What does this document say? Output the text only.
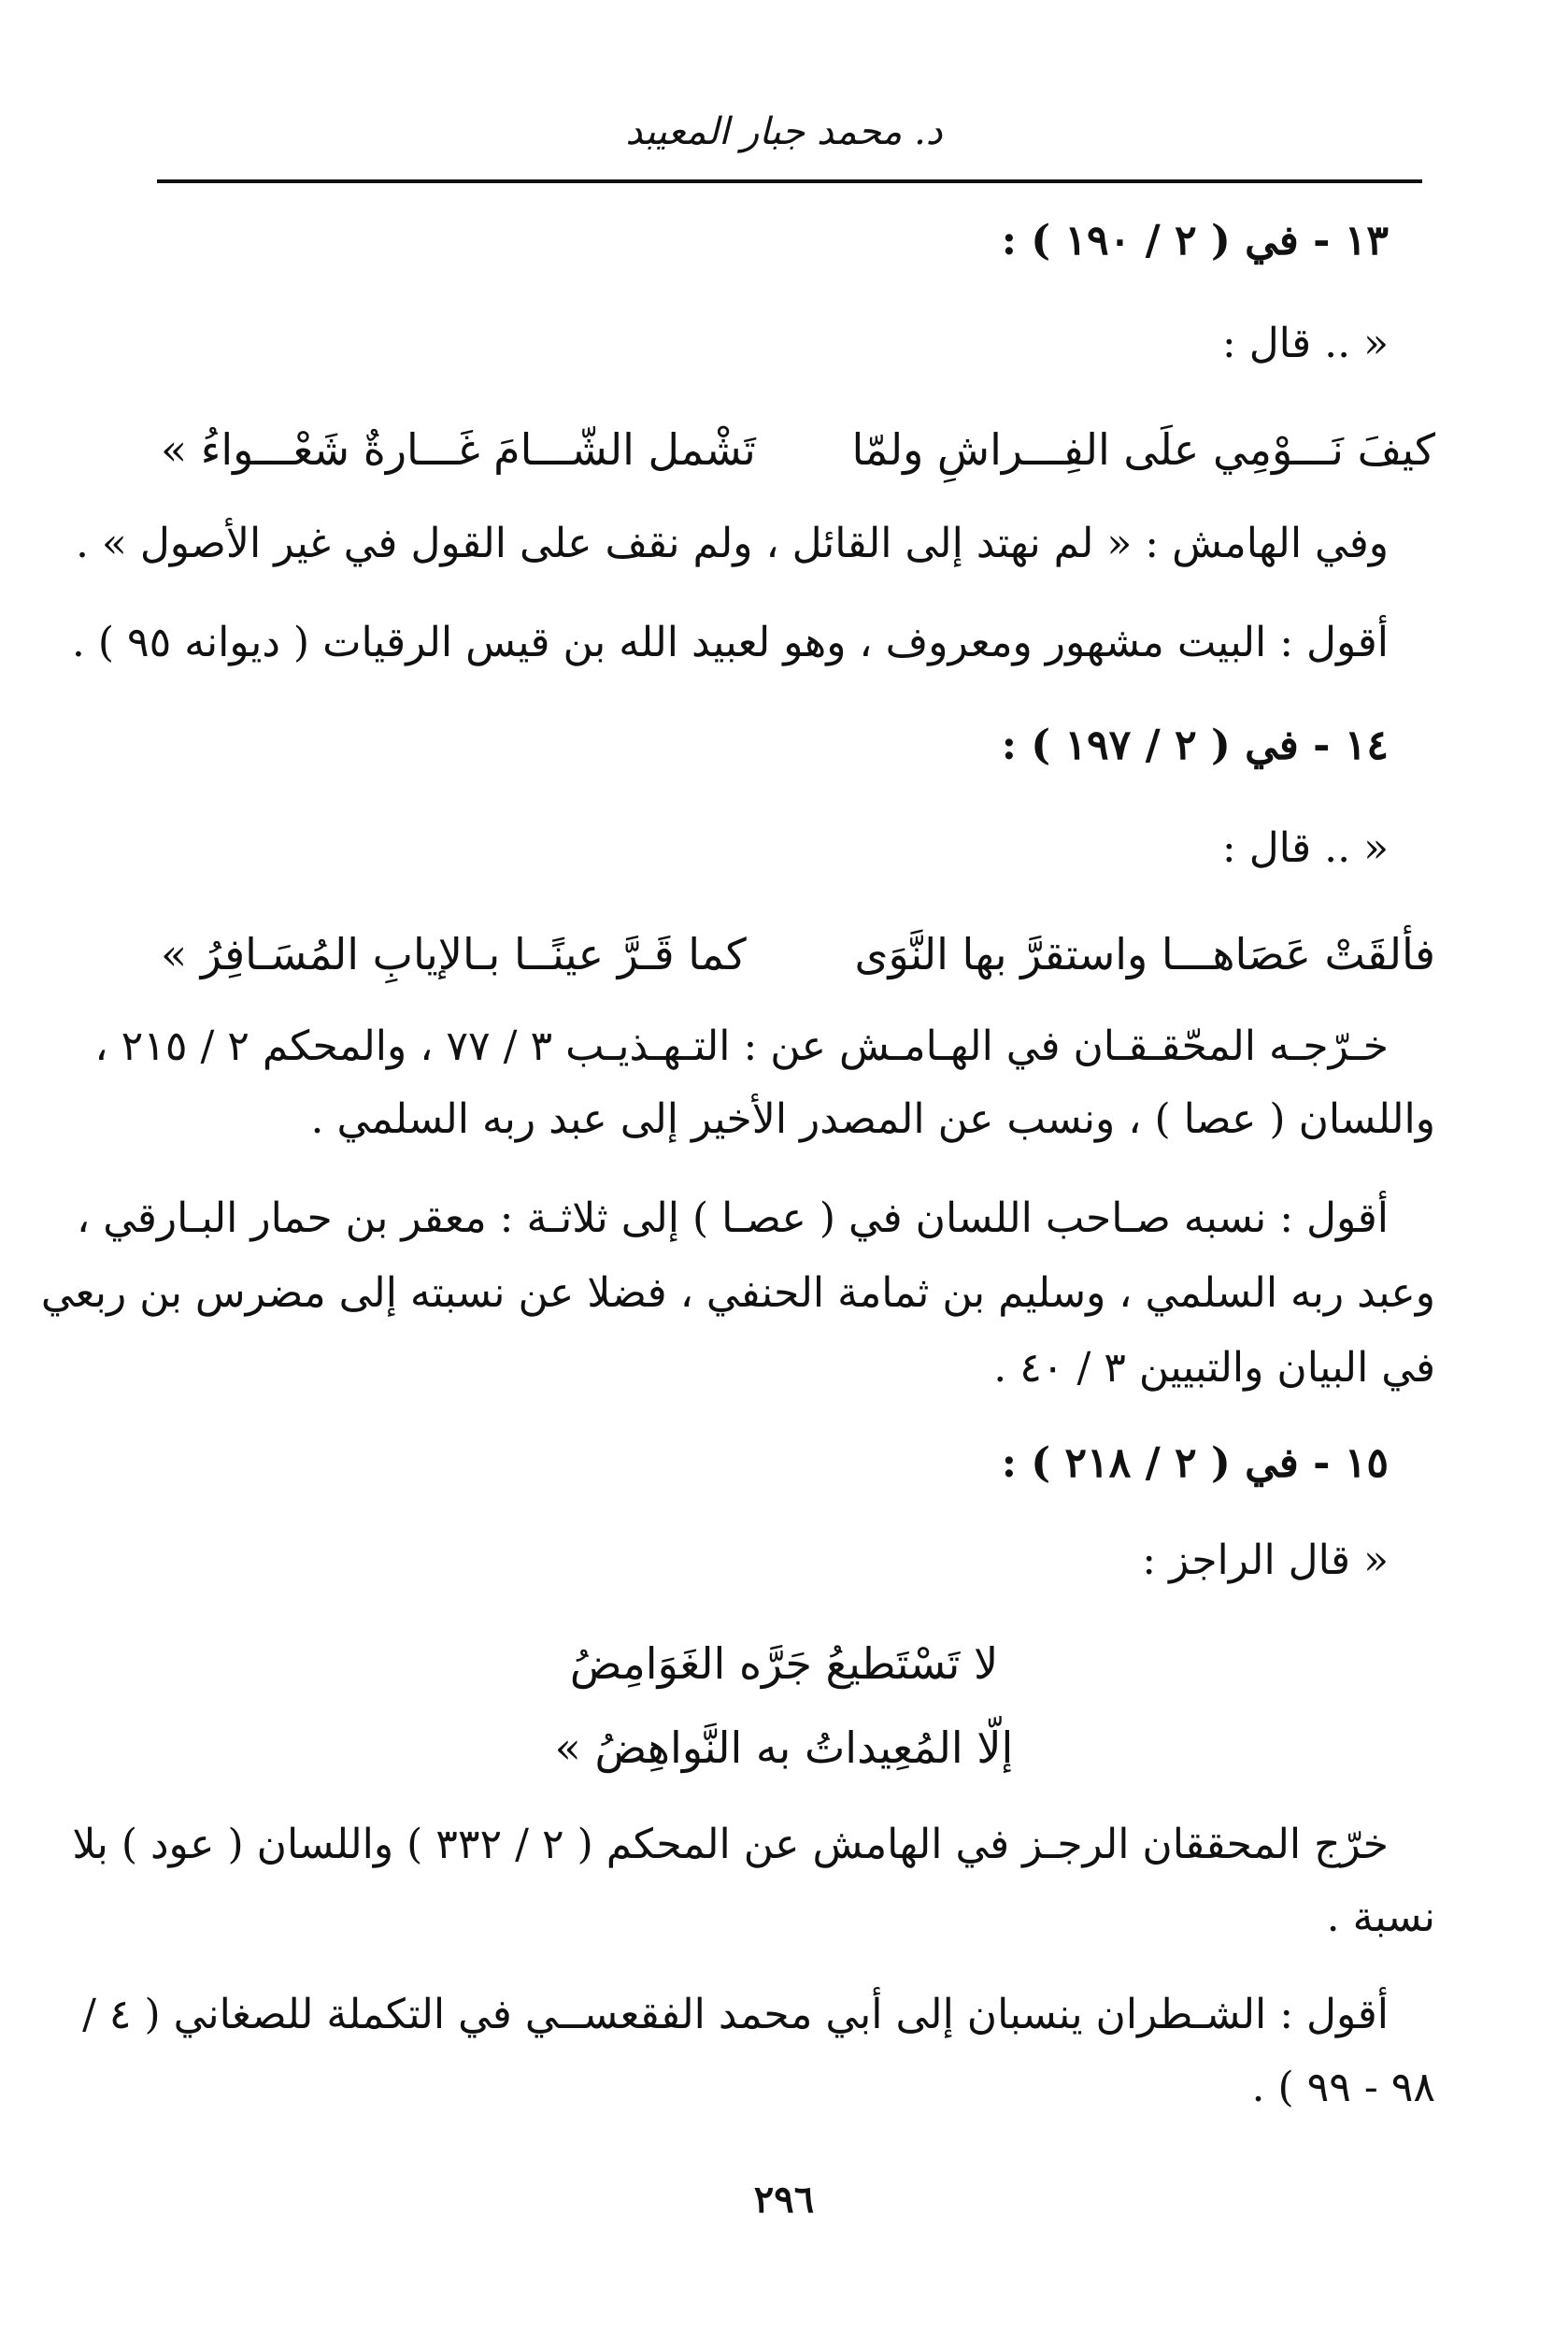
د. محمد جبار المعيبد
١٣ - في ( ٢ / ١٩٠ ) :
« .. قال :
كيفَ نَـــوْمِي علَى الفِـــراشِ ولمّا
تَشْمل الشّـــامَ غَـــارةٌ شَعْـــواءُ »
وفي الهامش : « لم نهتد إلى القائل ، ولم نقف على القول في غير الأصول » .
أقول : البيت مشهور ومعروف ، وهو لعبيد الله بن قيس الرقيات ( ديوانه ٩٥ ) .
١٤ - في ( ٢ / ١٩٧ ) :
« .. قال :
فألقَتْ عَصَاهـــا واستقرَّ بها النَّوَى
كما قَـرَّ عينًــا بـالإيابِ المُسَـافِرُ »
خـرّجـه المحّقـقـان في الهـامـش عن : التـهـذيـب ٣ / ٧٧ ، والمحكم ٢ / ٢١٥ ،
واللسان ( عصا ) ، ونسب عن المصدر الأخير إلى عبد ربه السلمي .
أقول : نسبه صـاحب اللسان في ( عصـا ) إلى ثلاثـة : معقر بن حمار البـارقي ،
وعبد ربه السلمي ، وسليم بن ثمامة الحنفي ، فضلا عن نسبته إلى مضرس بن ربعي
في البيان والتبيين ٣ / ٤٠ .
١٥ - في ( ٢ / ٢١٨ ) :
« قال الراجز :
لا تَسْتَطيعُ جَرَّه الغَوَامِضُ
إلّا المُعِيداتُ به النَّواهِضُ »
خرّج المحققان الرجـز في الهامش عن المحكم ( ٢ / ٣٣٢ ) واللسان ( عود ) بلا
نسبة .
أقول : الشـطران ينسبان إلى أبي محمد الفقعســي في التكملة للصغاني ( ٤ /
٩٨ - ٩٩ ) .
٢٩٦
